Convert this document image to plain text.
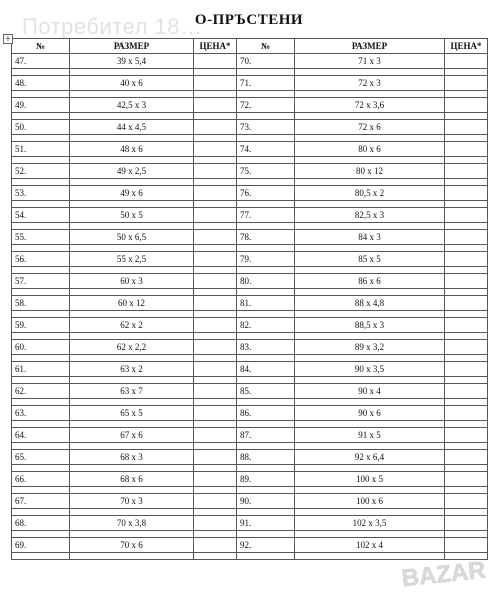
Потребител 18…
О-ПРЪСТЕНИ
+
№	РАЗМЕР	ЦЕНА*	№	РАЗМЕР	ЦЕНА*
47.	39 x 5,4		70.	71 x 3	

48.	40 x 6		71.	72 x 3	

49.	42,5 x 3		72.	72 x 3,6	

50.	44 x 4,5		73.	72 x 6	

51.	48 x 6		74.	80 x 6	

52.	49 x 2,5		75.	80 x 12	

53.	49 x 6		76.	80,5 x 2	

54.	50 x 5		77.	82,5 x 3	

55.	50 x 6,5		78.	84 x 3	

56.	55 x 2,5		79.	85 x 5	

57.	60 x 3		80.	86 x 6	

58.	60 x 12		81.	88 x 4,8	

59.	62 x 2		82.	88,5 x 3	

60.	62 x 2,2		83.	89 x 3,2	

61.	63 x 2		84.	90 x 3,5	

62.	63 x 7		85.	90 x 4	

63.	65 x 5		86.	90 x 6	

64.	67 x 6		87.	91 x 5	

65.	68 x 3		88.	92 x 6,4	

66.	68 x 6		89.	100 x 5	

67.	70 x 3		90.	100 x 6	

68.	70 x 3,8		91.	102 x 3,5	

69.	70 x 6		92.	102 x 4	

BAZAR
